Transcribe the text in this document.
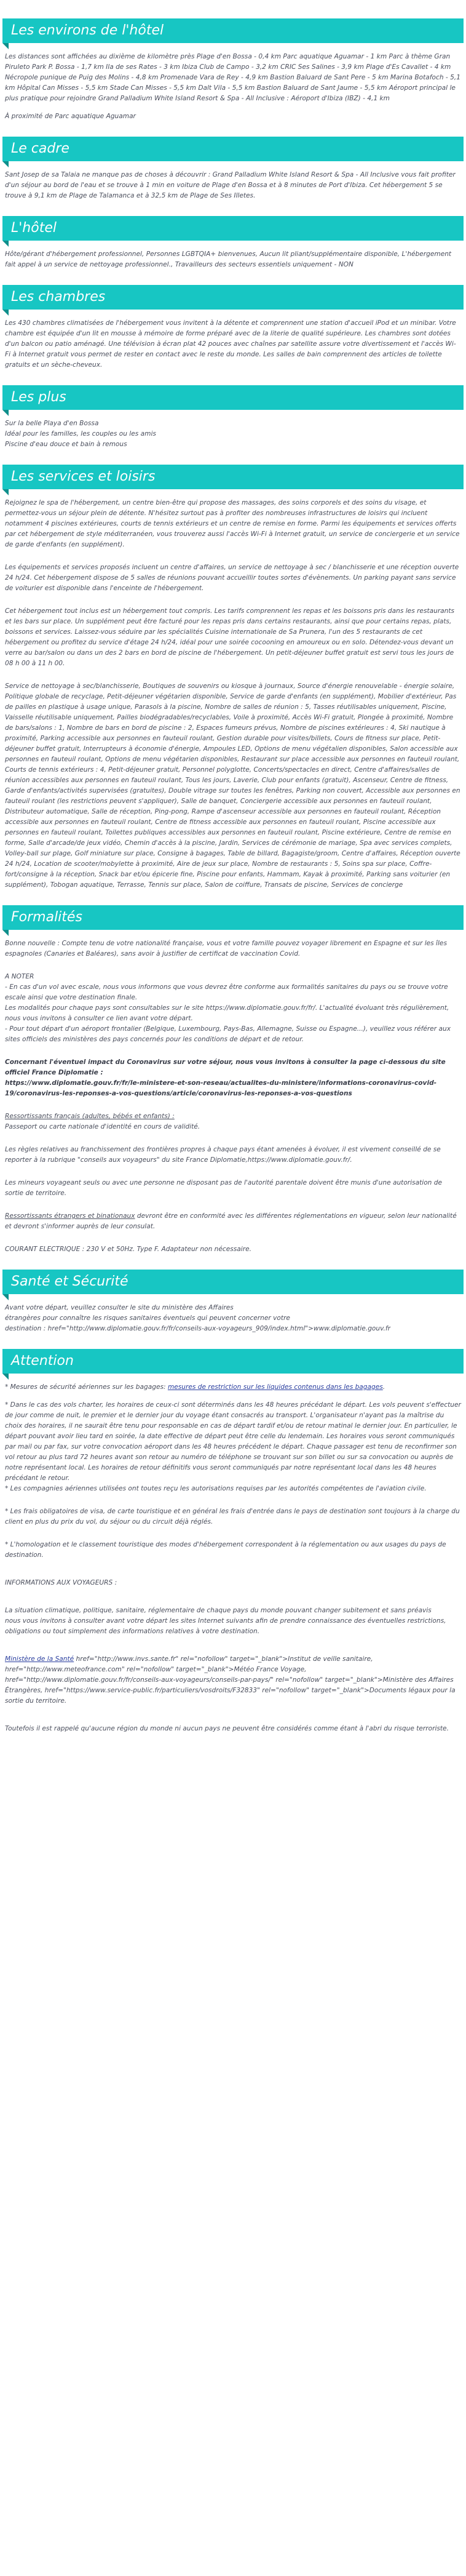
Les environs de l'hôtel

Les distances sont affichées au dixième de kilomètre près Plage d'en Bossa - 0,4 km Parc aquatique Aguamar - 1 km Parc à thème Gran Piruleto Park P. Bossa - 1,7 km Ila de ses Rates - 3 km Ibiza Club de Campo - 3,2 km CRIC Ses Salines - 3,9 km Plage d'Es Cavallet - 4 km Nécropole punique de Puig des Molins - 4,8 km Promenade Vara de Rey - 4,9 km Bastion Baluard de Sant Pere - 5 km Marina Botafoch - 5,1 km Hôpital Can Misses - 5,5 km Stade Can Misses - 5,5 km Dalt Vila - 5,5 km Bastion Baluard de Sant Jaume - 5,5 km Aéroport principal le plus pratique pour rejoindre Grand Palladium White Island Resort & Spa - All Inclusive : Aéroport d'Ibiza (IBZ) - 4,1 km

À proximité de Parc aquatique Aguamar

Le cadre

Sant Josep de sa Talaia ne manque pas de choses à découvrir : Grand Palladium White Island Resort & Spa - All Inclusive vous fait profiter d'un séjour au bord de l'eau et se trouve à 1 min en voiture de Plage d'en Bossa et à 8 minutes de Port d'Ibiza. Cet hébergement 5 se trouve à 9,1 km de Plage de Talamanca et à 32,5 km de Plage de Ses Illetes.

L'hôtel

Hôte/gérant d'hébergement professionnel, Personnes LGBTQIA+ bienvenues, Aucun lit pliant/supplémentaire disponible, L'hébergement fait appel à un service de nettoyage professionnel., Travailleurs des secteurs essentiels uniquement - NON

Les chambres

Les 430 chambres climatisées de l'hébergement vous invitent à la détente et comprennent une station d'accueil iPod et un minibar. Votre chambre est équipée d'un lit en mousse à mémoire de forme préparé avec de la literie de qualité supérieure. Les chambres sont dotées d'un balcon ou patio aménagé. Une télévision à écran plat 42 pouces avec chaînes par satellite assure votre divertissement et l'accès Wi-Fi à Internet gratuit vous permet de rester en contact avec le reste du monde. Les salles de bain comprennent des articles de toilette gratuits et un sèche-cheveux.

Les plus

Sur la belle Playa d'en Bossa
Idéal pour les familles, les couples ou les amis
Piscine d'eau douce et bain à remous

Les services et loisirs

Rejoignez le spa de l'hébergement, un centre bien-être qui propose des massages, des soins corporels et des soins du visage, et permettez-vous un séjour plein de détente. N'hésitez surtout pas à profiter des nombreuses infrastructures de loisirs qui incluent notamment 4 piscines extérieures, courts de tennis extérieurs et un centre de remise en forme. Parmi les équipements et services offerts par cet hébergement de style méditerranéen, vous trouverez aussi l'accès Wi-Fi à Internet gratuit, un service de conciergerie et un service de garde d'enfants (en supplément).

Les équipements et services proposés incluent un centre d'affaires, un service de nettoyage à sec / blanchisserie et une réception ouverte 24 h/24. Cet hébergement dispose de 5 salles de réunions pouvant accueillir toutes sortes d'évènements. Un parking payant sans service de voiturier est disponible dans l'enceinte de l'hébergement.

Cet hébergement tout inclus est un hébergement tout compris. Les tarifs comprennent les repas et les boissons pris dans les restaurants et les bars sur place. Un supplément peut être facturé pour les repas pris dans certains restaurants, ainsi que pour certains repas, plats, boissons et services. Laissez-vous séduire par les spécialités Cuisine internationale de Sa Prunera, l'un des 5 restaurants de cet hébergement ou profitez du service d'étage 24 h/24, idéal pour une soirée cocooning en amoureux ou en solo. Détendez-vous devant un verre au bar/salon ou dans un des 2 bars en bord de piscine de l'hébergement. Un petit-déjeuner buffet gratuit est servi tous les jours de 08 h 00 à 11 h 00.

Service de nettoyage à sec/blanchisserie, Boutiques de souvenirs ou kiosque à journaux, Source d'énergie renouvelable - énergie solaire, Politique globale de recyclage, Petit-déjeuner végétarien disponible, Service de garde d'enfants (en supplément), Mobilier d'extérieur, Pas de pailles en plastique à usage unique, Parasols à la piscine, Nombre de salles de réunion : 5, Tasses réutilisables uniquement, Piscine, Vaisselle réutilisable uniquement, Pailles biodégradables/recyclables, Voile à proximité, Accès Wi-Fi gratuit, Plongée à proximité, Nombre de bars/salons : 1, Nombre de bars en bord de piscine : 2, Espaces fumeurs prévus, Nombre de piscines extérieures : 4, Ski nautique à proximité, Parking accessible aux personnes en fauteuil roulant, Gestion durable pour visites/billets, Cours de fitness sur place, Petit-déjeuner buffet gratuit, Interrupteurs à économie d'énergie, Ampoules LED, Options de menu végétalien disponibles, Salon accessible aux personnes en fauteuil roulant, Options de menu végétarien disponibles, Restaurant sur place accessible aux personnes en fauteuil roulant, Courts de tennis extérieurs : 4, Petit-déjeuner gratuit, Personnel polyglotte, Concerts/spectacles en direct, Centre d'affaires/salles de réunion accessibles aux personnes en fauteuil roulant, Tous les jours, Laverie, Club pour enfants (gratuit), Ascenseur, Centre de fitness, Garde d'enfants/activités supervisées (gratuites), Double vitrage sur toutes les fenêtres, Parking non couvert, Accessible aux personnes en fauteuil roulant (les restrictions peuvent s'appliquer), Salle de banquet, Conciergerie accessible aux personnes en fauteuil roulant, Distributeur automatique, Salle de réception, Ping-pong, Rampe d'ascenseur accessible aux personnes en fauteuil roulant, Réception accessible aux personnes en fauteuil roulant, Centre de fitness accessible aux personnes en fauteuil roulant, Piscine accessible aux personnes en fauteuil roulant, Toilettes publiques accessibles aux personnes en fauteuil roulant, Piscine extérieure, Centre de remise en forme, Salle d'arcade/de jeux vidéo, Chemin d'accès à la piscine, Jardin, Services de cérémonie de mariage, Spa avec services complets, Volley-ball sur plage, Golf miniature sur place, Consigne à bagages, Table de billard, Bagagiste/groom, Centre d'affaires, Réception ouverte 24 h/24, Location de scooter/mobylette à proximité, Aire de jeux sur place, Nombre de restaurants : 5, Soins spa sur place, Coffre-fort/consigne à la réception, Snack bar et/ou épicerie fine, Piscine pour enfants, Hammam, Kayak à proximité, Parking sans voiturier (en supplément), Tobogan aquatique, Terrasse, Tennis sur place, Salon de coiffure, Transats de piscine, Services de concierge

Formalités

Bonne nouvelle : Compte tenu de votre nationalité française, vous et votre famille pouvez voyager librement en Espagne et sur les îles espagnoles (Canaries et Baléares), sans avoir à justifier de certificat de vaccination Covid.

A NOTER
- En cas d'un vol avec escale, nous vous informons que vous devrez être conforme aux formalités sanitaires du pays ou se trouve votre escale ainsi que votre destination finale.
Les modalités pour chaque pays sont consultables sur le site https://www.diplomatie.gouv.fr/fr/. L'actualité évoluant très régulièrement, nous vous invitons à consulter ce lien avant votre départ.
- Pour tout départ d'un aéroport frontalier (Belgique, Luxembourg, Pays-Bas, Allemagne, Suisse ou Espagne...), veuillez vous référer aux sites officiels des ministères des pays concernés pour les conditions de départ et de retour.

Concernant l'éventuel impact du Coronavirus sur votre séjour, nous vous invitons à consulter la page ci-dessous du site officiel France Diplomatie :
https://www.diplomatie.gouv.fr/fr/le-ministere-et-son-reseau/actualites-du-ministere/informations-coronavirus-covid-19/coronavirus-les-reponses-a-vos-questions/article/coronavirus-les-reponses-a-vos-questions

Ressortissants français (adultes, bébés et enfants) :
Passeport ou carte nationale d'identité en cours de validité.

Les règles relatives au franchissement des frontières propres à chaque pays étant amenées à évoluer, il est vivement conseillé de se reporter à la rubrique "conseils aux voyageurs" du site France Diplomatie,https://www.diplomatie.gouv.fr/.

Les mineurs voyageant seuls ou avec une personne ne disposant pas de l'autorité parentale doivent être munis d'une autorisation de sortie de territoire.

Ressortissants étrangers et binationaux devront être en conformité avec les différentes réglementations en vigueur, selon leur nationalité et devront s'informer auprès de leur consulat.

COURANT ELECTRIQUE : 230 V et 50Hz. Type F. Adaptateur non nécessaire.

Santé et Sécurité

Avant votre départ, veuillez consulter le site du ministère des Affaires
étrangères pour connaître les risques sanitaires éventuels qui peuvent concerner votre
destination : href="http://www.diplomatie.gouv.fr/fr/conseils-aux-voyageurs_909/index.html">www.diplomatie.gouv.fr

Attention

* Mesures de sécurité aériennes sur les bagages: mesures de restriction sur les liquides contenus dans les bagages.

* Dans le cas des vols charter, les horaires de ceux-ci sont déterminés dans les 48 heures précédant le départ. Les vols peuvent s'effectuer de jour comme de nuit, le premier et le dernier jour du voyage étant consacrés au transport. L'organisateur n'ayant pas la maîtrise du choix des horaires, il ne saurait être tenu pour responsable en cas de départ tardif et/ou de retour matinal le dernier jour. En particulier, le départ pouvant avoir lieu tard en soirée, la date effective de départ peut être celle du lendemain. Les horaires vous seront communiqués par mail ou par fax, sur votre convocation aéroport dans les 48 heures précédent le départ. Chaque passager est tenu de reconfirmer son vol retour au plus tard 72 heures avant son retour au numéro de téléphone se trouvant sur son billet ou sur sa convocation ou auprès de notre représentant local. Les horaires de retour définitifs vous seront communiqués par notre représentant local dans les 48 heures précédant le retour.
* Les compagnies aériennes utilisées ont toutes reçu les autorisations requises par les autorités compétentes de l'aviation civile.

* Les frais obligatoires de visa, de carte touristique et en général les frais d'entrée dans le pays de destination sont toujours à la charge du client en plus du prix du vol, du séjour ou du circuit déjà réglés.

* L'homologation et le classement touristique des modes d'hébergement correspondent à la réglementation ou aux usages du pays de destination.

INFORMATIONS AUX VOYAGEURS :

La situation climatique, politique, sanitaire, réglementaire de chaque pays du monde pouvant changer subitement et sans préavis
nous vous invitons à consulter avant votre départ les sites Internet suivants afin de prendre connaissance des éventuelles restrictions, obligations ou tout simplement des informations relatives à votre destination.

Ministère de la Santé href="http://www.invs.sante.fr" rel="nofollow" target="_blank">Institut de veille sanitaire, href="http://www.meteofrance.com" rel="nofollow" target="_blank">Météo France Voyage, href="http://www.diplomatie.gouv.fr/fr/conseils-aux-voyageurs/conseils-par-pays/" rel="nofollow" target="_blank">Ministère des Affaires Étrangères, href="https://www.service-public.fr/particuliers/vosdroits/F32833" rel="nofollow" target="_blank">Documents légaux pour la sortie du territoire.

Toutefois il est rappelé qu'aucune région du monde ni aucun pays ne peuvent être considérés comme étant à l'abri du risque terroriste.
